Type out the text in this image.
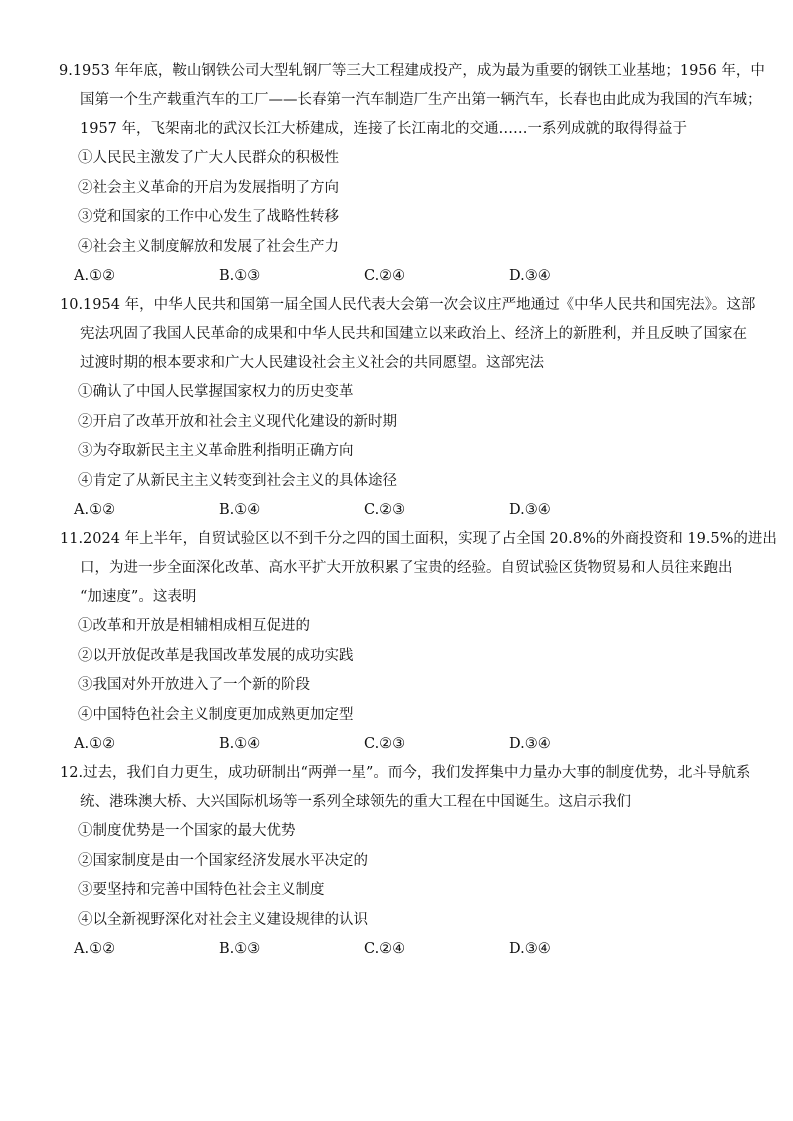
9.1953 年年底，鞍山钢铁公司大型轧钢厂等三大工程建成投产，成为最为重要的钢铁工业基地；1956 年，中
国第一个生产载重汽车的工厂——长春第一汽车制造厂生产出第一辆汽车，长春也由此成为我国的汽车城；
1957 年，飞架南北的武汉长江大桥建成，连接了长江南北的交通……一系列成就的取得得益于

①人民民主激发了广大人民群众的积极性
②社会主义革命的开启为发展指明了方向
③党和国家的工作中心发生了战略性转移
④社会主义制度解放和发展了社会生产力
A.①②	B.①③	C.②④	D.③④

10.1954 年，中华人民共和国第一届全国人民代表大会第一次会议庄严地通过《中华人民共和国宪法》。这部
宪法巩固了我国人民革命的成果和中华人民共和国建立以来政治上、经济上的新胜利，并且反映了国家在
过渡时期的根本要求和广大人民建设社会主义社会的共同愿望。这部宪法

①确认了中国人民掌握国家权力的历史变革
②开启了改革开放和社会主义现代化建设的新时期
③为夺取新民主主义革命胜利指明正确方向
④肯定了从新民主主义转变到社会主义的具体途径
A.①②	B.①④	C.②③	D.③④

11.2024 年上半年，自贸试验区以不到千分之四的国土面积，实现了占全国 20.8%的外商投资和 19.5%的进出
口，为进一步全面深化改革、高水平扩大开放积累了宝贵的经验。自贸试验区货物贸易和人员往来跑出
“加速度”。这表明

①改革和开放是相辅相成相互促进的
②以开放促改革是我国改革发展的成功实践
③我国对外开放进入了一个新的阶段
④中国特色社会主义制度更加成熟更加定型
A.①②	B.①④	C.②③	D.③④

12.过去，我们自力更生，成功研制出“两弹一星”。而今，我们发挥集中力量办大事的制度优势，北斗导航系
统、港珠澳大桥、大兴国际机场等一系列全球领先的重大工程在中国诞生。这启示我们

①制度优势是一个国家的最大优势
②国家制度是由一个国家经济发展水平决定的
③要坚持和完善中国特色社会主义制度
④以全新视野深化对社会主义建设规律的认识
A.①②	B.①③	C.②④	D.③④
